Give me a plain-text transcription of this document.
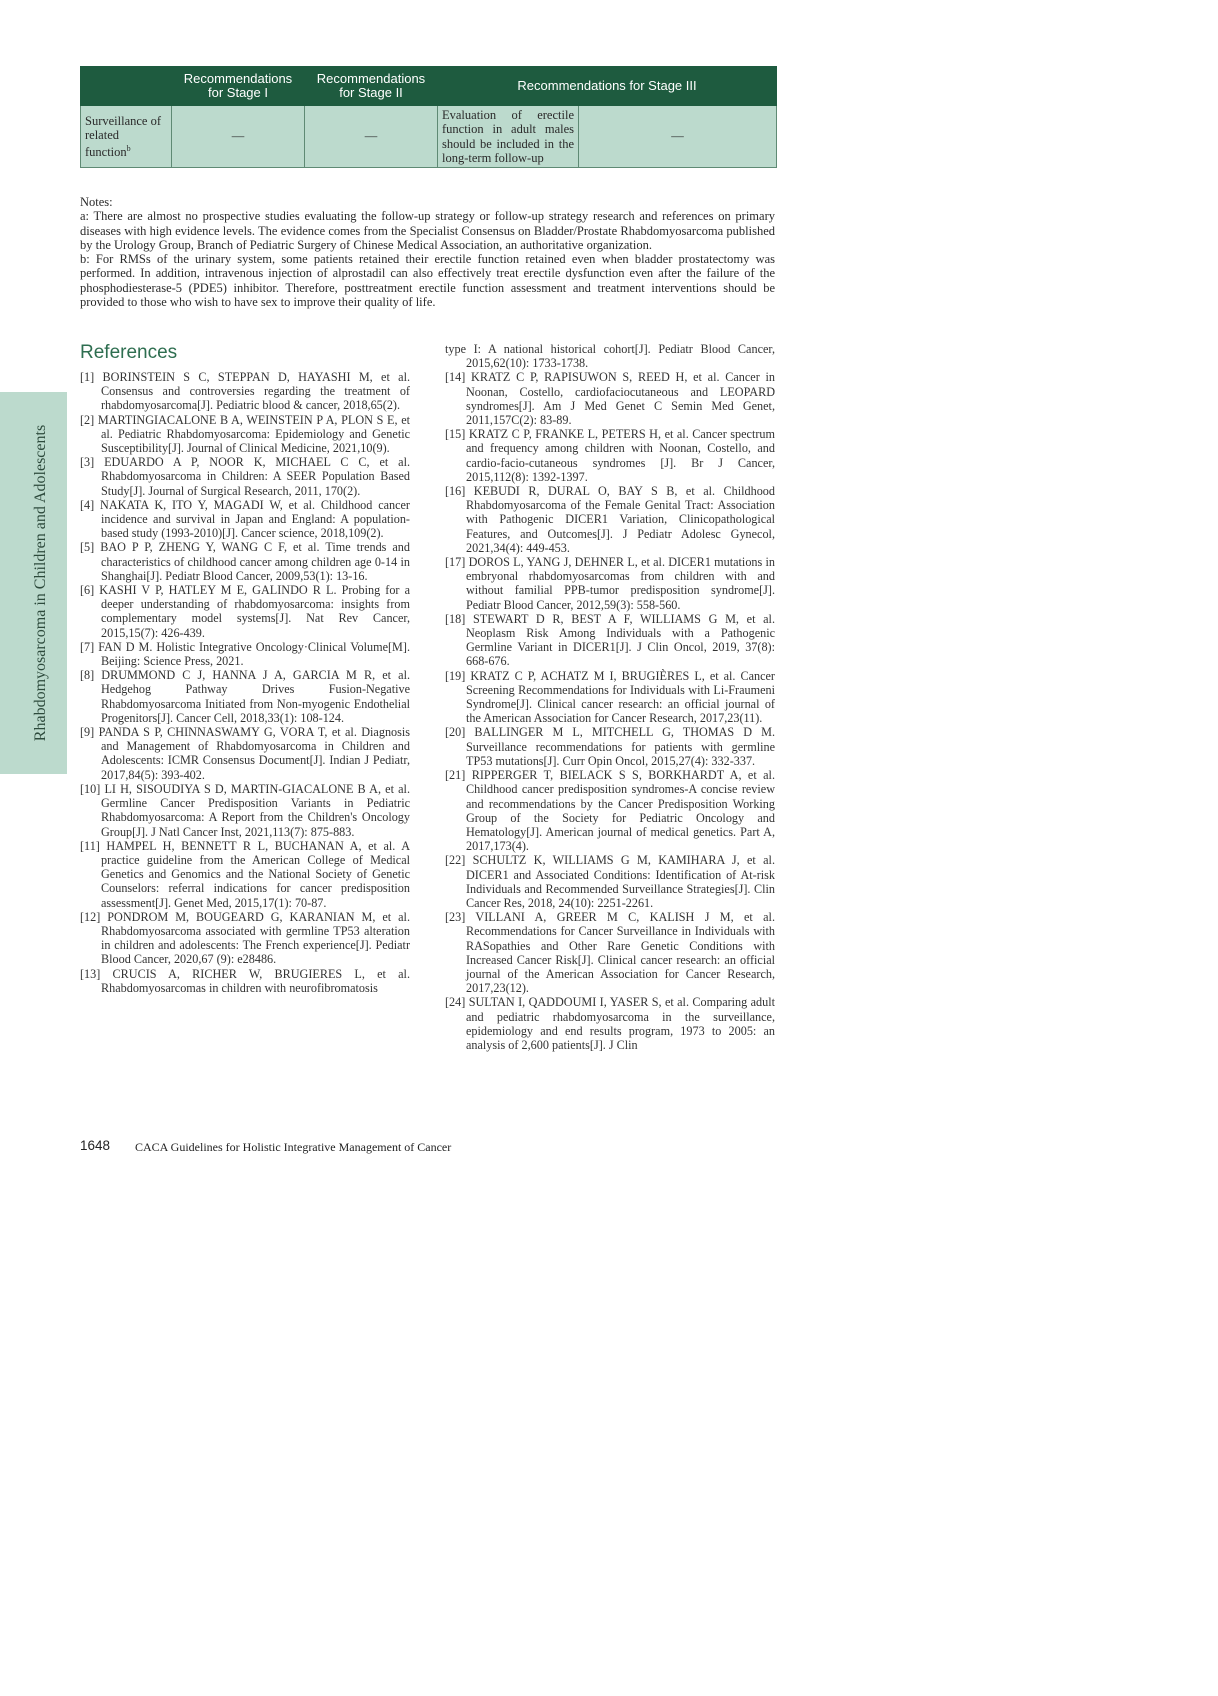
Rhabdomyosarcoma in Children and Adolescents
	Recommendations for Stage I	Recommendations for Stage II	Recommendations for Stage III	
Surveillance of related function$^b$	—	—	Evaluation of erectile function in adult males should be included in the long-term follow-up	—

Notes:

a: There are almost no prospective studies evaluating the follow-up strategy or follow-up strategy research and references on primary diseases with high evidence levels. The evidence comes from the Specialist Consensus on Bladder/Prostate Rhabdomyosarcoma published by the Urology Group, Branch of Pediatric Surgery of Chinese Medical Association, an authoritative organization.

b: For RMSs of the urinary system, some patients retained their erectile function retained even when bladder prostatectomy was performed. In addition, intravenous injection of alprostadil can also effectively treat erectile dysfunction even after the failure of the phosphodiesterase-5 (PDE5) inhibitor. Therefore, posttreatment erectile function assessment and treatment interventions should be provided to those who wish to have sex to improve their quality of life.

References
[1] BORINSTEIN S C, STEPPAN D, HAYASHI M, et al. Consensus and controversies regarding the treatment of rhabdomyosarcoma[J]. Pediatric blood & cancer, 2018,65(2).
[2] MARTINGIACALONE B A, WEINSTEIN P A, PLON S E, et al. Pediatric Rhabdomyosarcoma: Epidemiology and Genetic Susceptibility[J]. Journal of Clinical Medicine, 2021,10(9).
[3] EDUARDO A P, NOOR K, MICHAEL C C, et al. Rhabdomyosarcoma in Children: A SEER Population Based Study[J]. Journal of Surgical Research, 2011, 170(2).
[4] NAKATA K, ITO Y, MAGADI W, et al. Childhood cancer incidence and survival in Japan and England: A population-based study (1993-2010)[J]. Cancer science, 2018,109(2).
[5] BAO P P, ZHENG Y, WANG C F, et al. Time trends and characteristics of childhood cancer among children age 0-14 in Shanghai[J]. Pediatr Blood Cancer, 2009,53(1): 13-16.
[6] KASHI V P, HATLEY M E, GALINDO R L. Probing for a deeper understanding of rhabdomyosarcoma: insights from complementary model systems[J]. Nat Rev Cancer, 2015,15(7): 426-439.
[7] FAN D M. Holistic Integrative Oncology·Clinical Volume[M]. Beijing: Science Press, 2021.
[8] DRUMMOND C J, HANNA J A, GARCIA M R, et al. Hedgehog Pathway Drives Fusion-Negative Rhabdomyosarcoma Initiated from Non-myogenic Endothelial Progenitors[J]. Cancer Cell, 2018,33(1): 108-124.
[9] PANDA S P, CHINNASWAMY G, VORA T, et al. Diagnosis and Management of Rhabdomyosarcoma in Children and Adolescents: ICMR Consensus Document[J]. Indian J Pediatr, 2017,84(5): 393-402.
[10] LI H, SISOUDIYA S D, MARTIN-GIACALONE B A, et al. Germline Cancer Predisposition Variants in Pediatric Rhabdomyosarcoma: A Report from the Children's Oncology Group[J]. J Natl Cancer Inst, 2021,113(7): 875-883.
[11] HAMPEL H, BENNETT R L, BUCHANAN A, et al. A practice guideline from the American College of Medical Genetics and Genomics and the National Society of Genetic Counselors: referral indications for cancer predisposition assessment[J]. Genet Med, 2015,17(1): 70-87.
[12] PONDROM M, BOUGEARD G, KARANIAN M, et al. Rhabdomyosarcoma associated with germline TP53 alteration in children and adolescents: The French experience[J]. Pediatr Blood Cancer, 2020,67 (9): e28486.
[13] CRUCIS A, RICHER W, BRUGIERES L, et al. Rhabdomyosarcomas in children with neurofibromatosis
type I: A national historical cohort[J]. Pediatr Blood Cancer, 2015,62(10): 1733-1738.
[14] KRATZ C P, RAPISUWON S, REED H, et al. Cancer in Noonan, Costello, cardiofaciocutaneous and LEOPARD syndromes[J]. Am J Med Genet C Semin Med Genet, 2011,157C(2): 83-89.
[15] KRATZ C P, FRANKE L, PETERS H, et al. Cancer spectrum and frequency among children with Noonan, Costello, and cardio-facio-cutaneous syndromes [J]. Br J Cancer, 2015,112(8): 1392-1397.
[16] KEBUDI R, DURAL O, BAY S B, et al. Childhood Rhabdomyosarcoma of the Female Genital Tract: Association with Pathogenic DICER1 Variation, Clinicopathological Features, and Outcomes[J]. J Pediatr Adolesc Gynecol, 2021,34(4): 449-453.
[17] DOROS L, YANG J, DEHNER L, et al. DICER1 mutations in embryonal rhabdomyosarcomas from children with and without familial PPB-tumor predisposition syndrome[J]. Pediatr Blood Cancer, 2012,59(3): 558-560.
[18] STEWART D R, BEST A F, WILLIAMS G M, et al. Neoplasm Risk Among Individuals with a Pathogenic Germline Variant in DICER1[J]. J Clin Oncol, 2019, 37(8): 668-676.
[19] KRATZ C P, ACHATZ M I, BRUGIÈRES L, et al. Cancer Screening Recommendations for Individuals with Li-Fraumeni Syndrome[J]. Clinical cancer research: an official journal of the American Association for Cancer Research, 2017,23(11).
[20] BALLINGER M L, MITCHELL G, THOMAS D M. Surveillance recommendations for patients with germline TP53 mutations[J]. Curr Opin Oncol, 2015,27(4): 332-337.
[21] RIPPERGER T, BIELACK S S, BORKHARDT A, et al. Childhood cancer predisposition syndromes-A concise review and recommendations by the Cancer Predisposition Working Group of the Society for Pediatric Oncology and Hematology[J]. American journal of medical genetics. Part A, 2017,173(4).
[22] SCHULTZ K, WILLIAMS G M, KAMIHARA J, et al. DICER1 and Associated Conditions: Identification of At-risk Individuals and Recommended Surveillance Strategies[J]. Clin Cancer Res, 2018, 24(10): 2251-2261.
[23] VILLANI A, GREER M C, KALISH J M, et al. Recommendations for Cancer Surveillance in Individuals with RASopathies and Other Rare Genetic Conditions with Increased Cancer Risk[J]. Clinical cancer research: an official journal of the American Association for Cancer Research, 2017,23(12).
[24] SULTAN I, QADDOUMI I, YASER S, et al. Comparing adult and pediatric rhabdomyosarcoma in the surveillance, epidemiology and end results program, 1973 to 2005: an analysis of 2,600 patients[J]. J Clin
1648 CACA Guidelines for Holistic Integrative Management of Cancer
